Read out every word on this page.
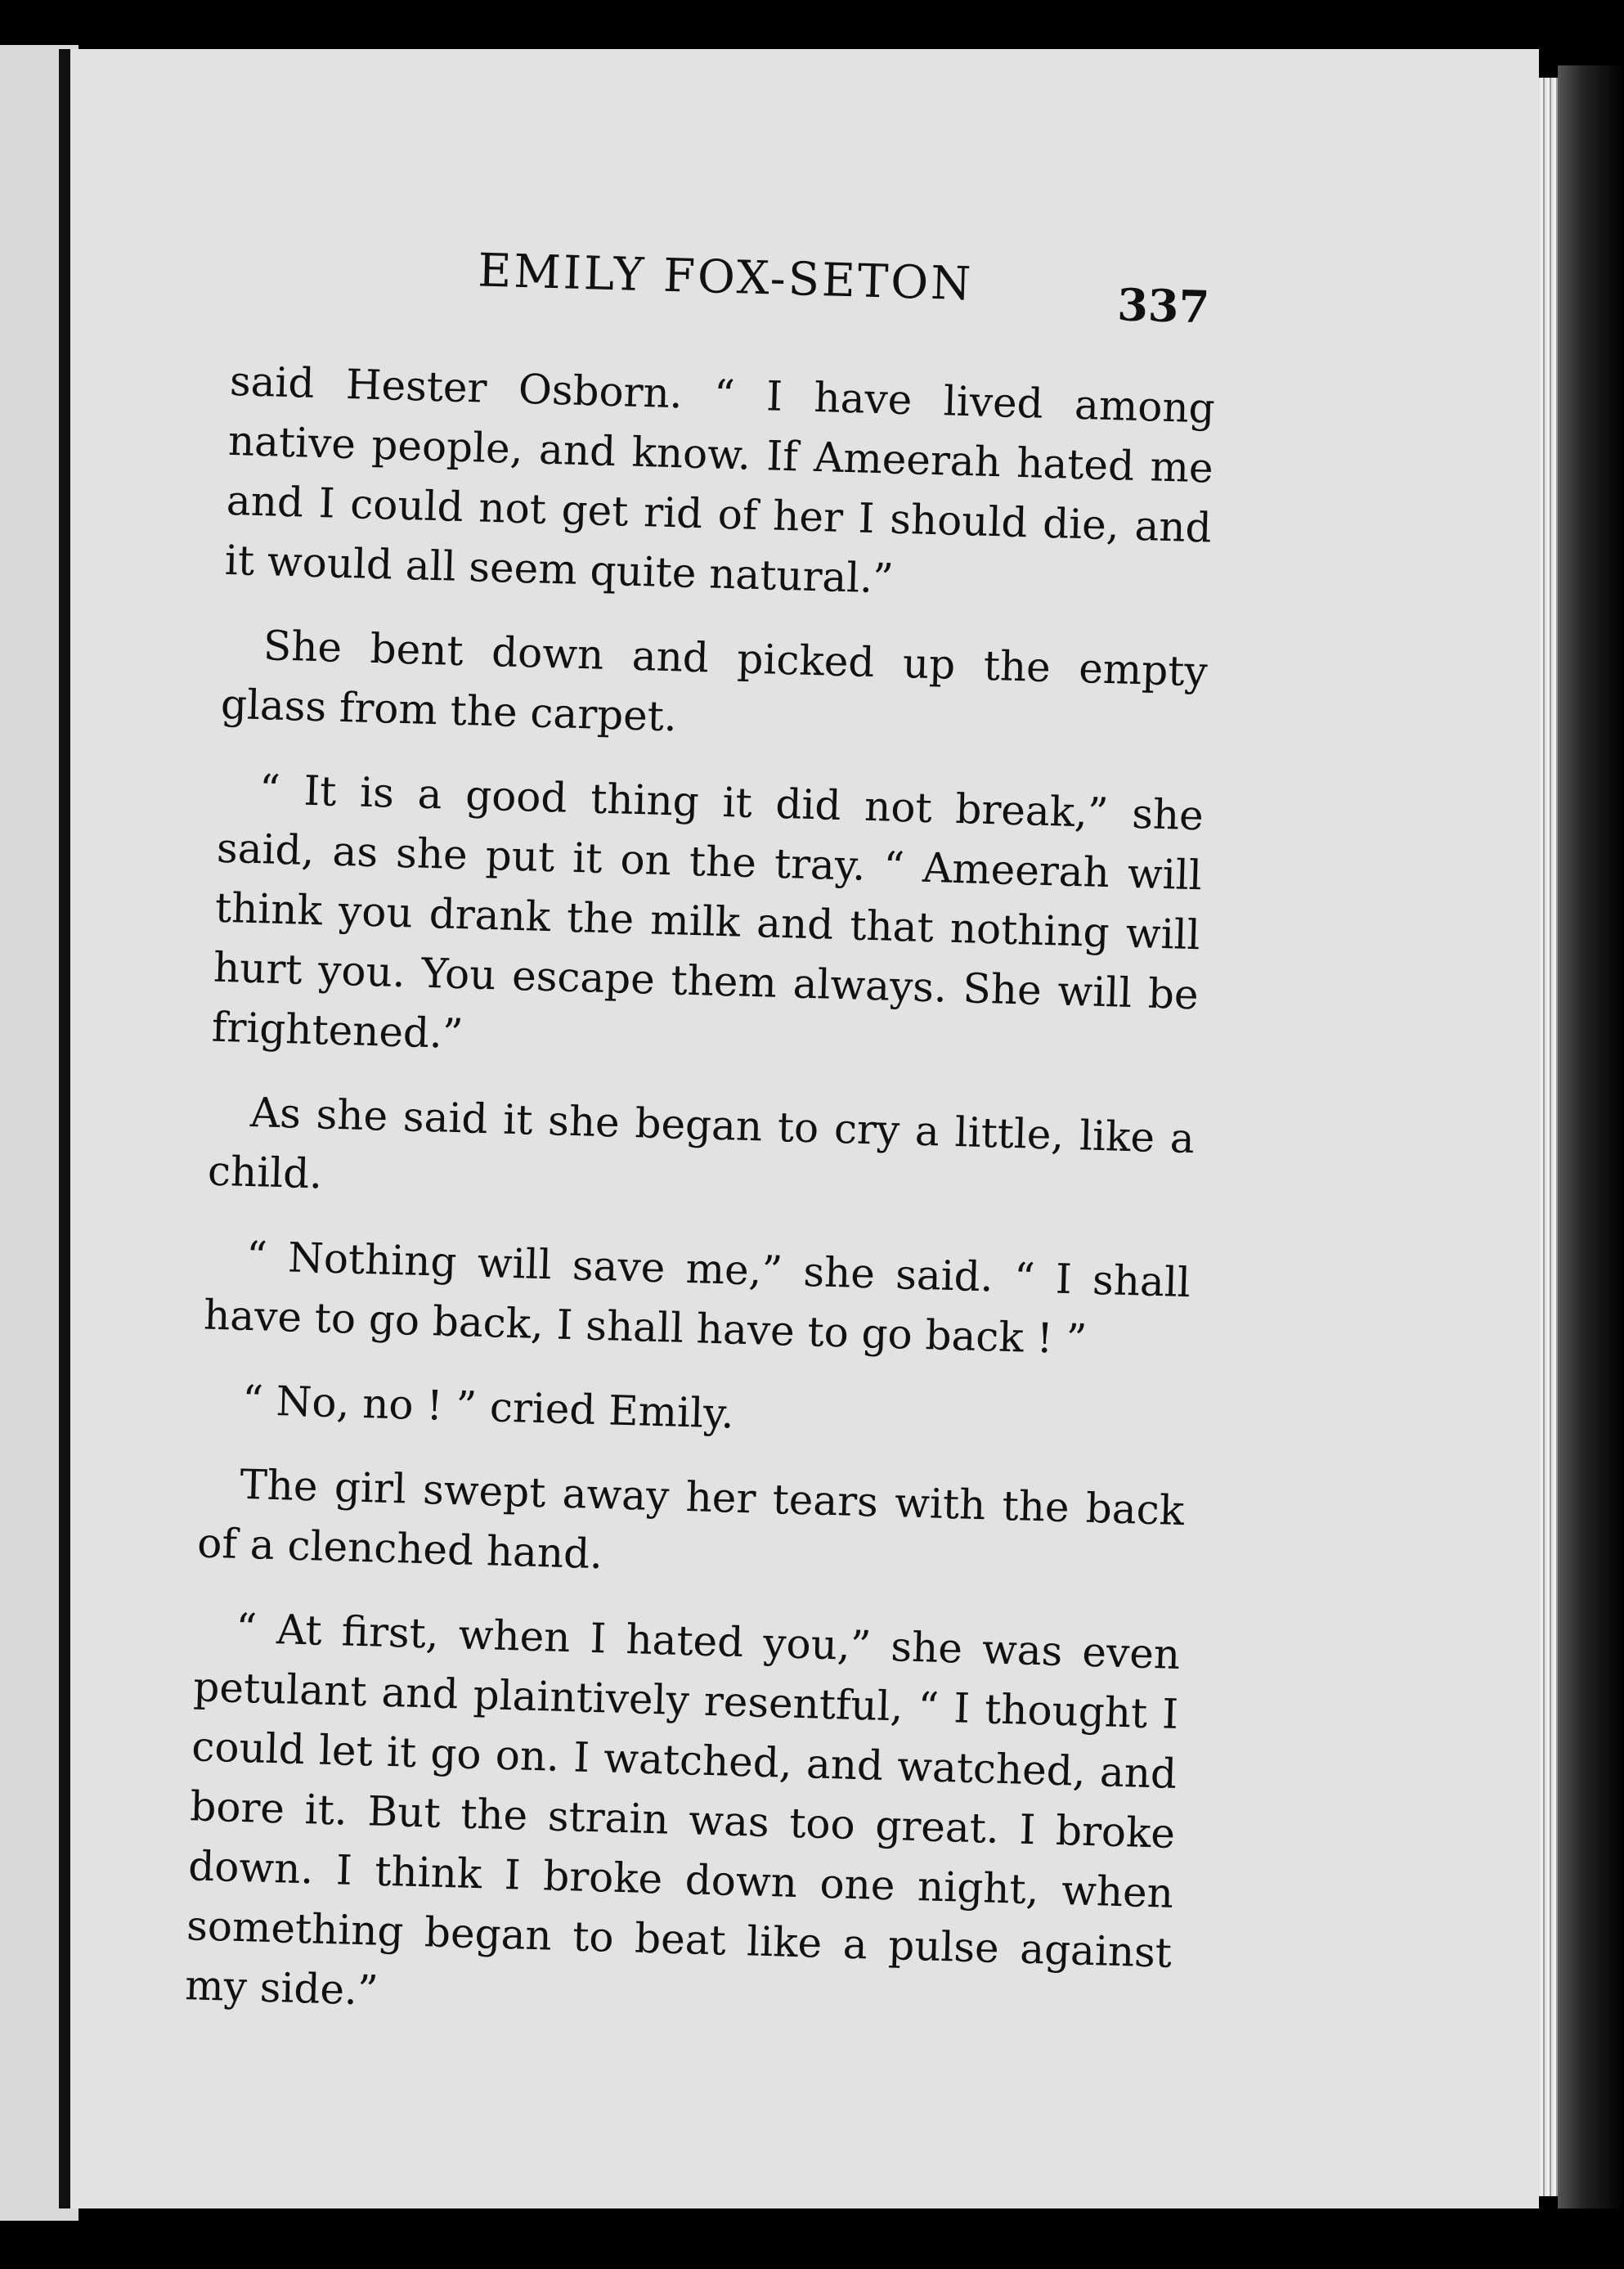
EMILY FOX-SETON	337

said Hester Osborn. “ I have lived among native people, and know. If Ameerah hated me and I could not get rid of her I should die, and it would all seem quite natural.”

She bent down and picked up the empty glass from the carpet.

“ It is a good thing it did not break,” she said, as she put it on the tray. “ Ameerah will think you drank the milk and that nothing will hurt you. You escape them always. She will be frightened.”

As she said it she began to cry a little, like a child.

“ Nothing will save me,” she said. “ I shall have to go back, I shall have to go back ! ”

“ No, no ! ” cried Emily.

The girl swept away her tears with the back of a clenched hand.

“ At first, when I hated you,” she was even petulant and plaintively resentful, “ I thought I could let it go on. I watched, and watched, and bore it. But the strain was too great. I broke down. I think I broke down one night, when something began to beat like a pulse against my side.”
